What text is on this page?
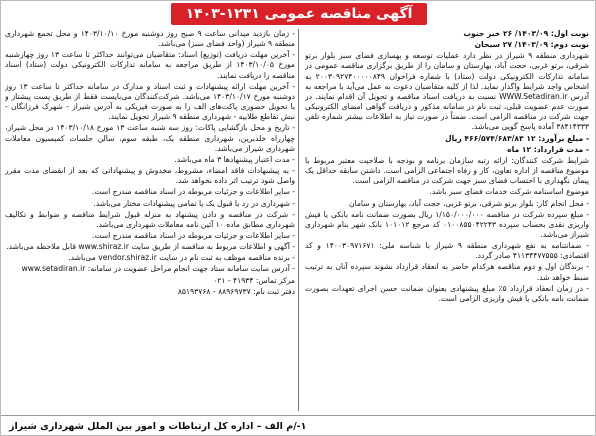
آگهی مناقصه عمومی ۱۲۳۱-۱۴۰۳

نوبت اول: ۱۴۰۳/۰۹/ ۲۶ خبر جنوب

نوبت دوم: ۱۴۰۳/۰۹/ ۲۷ سبحان

شهرداری منطقه ۹ شیراز در نظر دارد عملیات توسعه و بهسازی فضای سبز بلوار برتو شرقی، برتو غربی، حجت آباد، بهارستان و سامان را از طریق برگزاری مناقصه عمومی در سامانه تدارکات الکترونیکی دولت (ستاد) با شماره فراخوان ۲۰۰۳۰۹۲۷۴۰۰۰۰۰۸۴۹ به اشخاص واجد شرایط واگذار نماید. لذا از کلیه متقاضیان دعوت به عمل می‌آید با مراجعه به آدرس WWW.Setadiran.ir نسبت به دریافت اسناد مناقصه و تحویل آن اقدام نمایند. در صورت عدم عضویت قبلی، ثبت نام در سامانه مذکور و دریافت گواهی امضای الکترونیکی جهت شرکت در مناقصه الزامی است. ضمناً در صورت نیاز به اطلاعات بیشتر شماره تلفن ۳۸۴۱۴۳۳۳ آماده پاسخ گویی می‌باشد.

- مبلغ برآورد: ۱۲ ۴۶۶/۵۷۴/۶۸۳/۸۳ ریال

- مدت قرارداد: ۱۲ ماه

شرایط شرکت کنندگان: ارائه رتبه سازمان برنامه و بودجه با صلاحیت معتبر مربوط با موضوع مناقصه از اداره تعاون، کار و رفاه اجتماعی الزامی است. داشتن سابقه حداقل یک پیمان نگهداری با احتساب فضای سبز جهت شرکت در مناقصه الزامی است.

موضوع اساسنامه شرکت خدمات فضای سبز باشد.

- محل انجام کار: بلوار برتو شرقی، برتو غربی، حجت آباد، بهارستان و سامان

- مبلغ سپرده شرکت در مناقصه ۱/۱۵۰/۰۰۰/۰۰۰ ریال بصورت ضمانت نامه بانکی یا فیش واریزی نقدی بحساب سپرده ۰۱۰۰۸۵۵۰۴۲۲۴۳ کد مرجع ۱۰۱۰۱۲ بانک شهر بنام شهرداری شیراز می‌باشد.

- ضمانتنامه به نفع شهرداری منطقه ۹ شیراز با شناسه ملی: ۱۴۰۰۳۰۹۷۱۶۷۱ و کد اقتصادی: ۴۱۱۳۴۴۷۷۵۵۵ صادر گردد.

- برندگان اول و دوم مناقصه هرکدام حاضر به انعقاد قرارداد نشوند سپرده آنان به ترتیب ضبط خواهد شد.

- در زمان انعقاد قرارداد ۵٪ مبلغ پیشنهادی بعنوان ضمانت حسن اجرای تعهدات بصورت ضمانت نامه بانکی یا فیش واریزی الزامی است.

- زمان بازدید میدانی ساعت ۹ صبح روز دوشنبه مورخ ۱۴۰۳/۱۰/۱۰ و محل تجمع شهرداری منطقه ۹ شیراز (واحد فضای سبز) می‌باشد.

- آخرین مهلت دریافت (توزیع) اسناد: متقاضیان می‌توانند حداکثر تا ساعت ۱۳ روز چهارشنبه مورخ ۱۴۰۳/۱۰/۰۵ از طریق مراجعه به سامانه تدارکات الکترونیکی دولت (ستاد) اسناد مناقصه را دریافت نمایند.

- آخرین مهلت ارائه پیشنهادات و ثبت اسناد و مدارک در سامانه حداکثر تا ساعت ۱۳ روز دوشنبه مورخ ۱۴۰۳/۱۰/۱۷ می‌باشد. شرکت‌کنندگان می‌بایست فقط از طریق پست پیشتاز و یا تحویل حضوری پاکت‌های الف را به صورت فیزیکی به آدرس شیراز - شهرک فرزانگان - نبش تقاطع طلاییه - شهرداری منطقه ۹ شیراز تحویل نمایند.

- تاریخ و محل بازگشایی پاکات: روز سه شنبه ساعت ۱۳ مورخ ۱۴۰۳/۱۰/۱۸ در محل شیراز، چهارراه خلدبرین، شهرداری منطقه یک، طبقه سوم، سالن جلسات کمیسیون معاملات شهرداری شیراز می‌باشد.

- مدت اعتبار پیشنهادها ۳ ماه می‌باشد.

- به پیشنهادات فاقد امضاء، مشروط، مخدوش و پیشنهاداتی که بعد از انقضای مدت مقرر واصل شود ترتیب اثر داده نخواهد شد.

- سایر اطلاعات و جزئیات مربوطه در اسناد مناقصه مندرج است.

- شهرداری در رد یا قبول یک یا تمامی پیشنهادات مختار می‌باشد.

- شرکت در مناقصه و دادن پیشنهاد به منزله قبول شرایط مناقصه و ضوابط و تکالیف شهرداری مطابق ماده ۱۰ آئین نامه معاملات شهرداری می‌باشد.

- سایر اطلاعات و جزئیات مربوطه در اسناد مناقصه مندرج است.

- آگهی و اطلاعات مربوط به مناقصه از طریق سایت www.shiraz.ir قابل ملاحظه می‌باشد.

- برنده مناقصه موظف به ثبت نام در سایت vendor.shiraz.ir می‌باشد.

- آدرس سایت سامانه ستاد جهت انجام مراحل عضویت در سامانه: www.setadiran.ir

مرکز تماس: ۴۱۹۳۴ - ۰۲۱

دفتر ثبت نام: ۸۸۹۶۹۷۳۷ - ۸۵۱۹۳۷۶۸

۱-/م الف – اداره کل ارتباطات و امور بین الملل شهرداری شیراز
